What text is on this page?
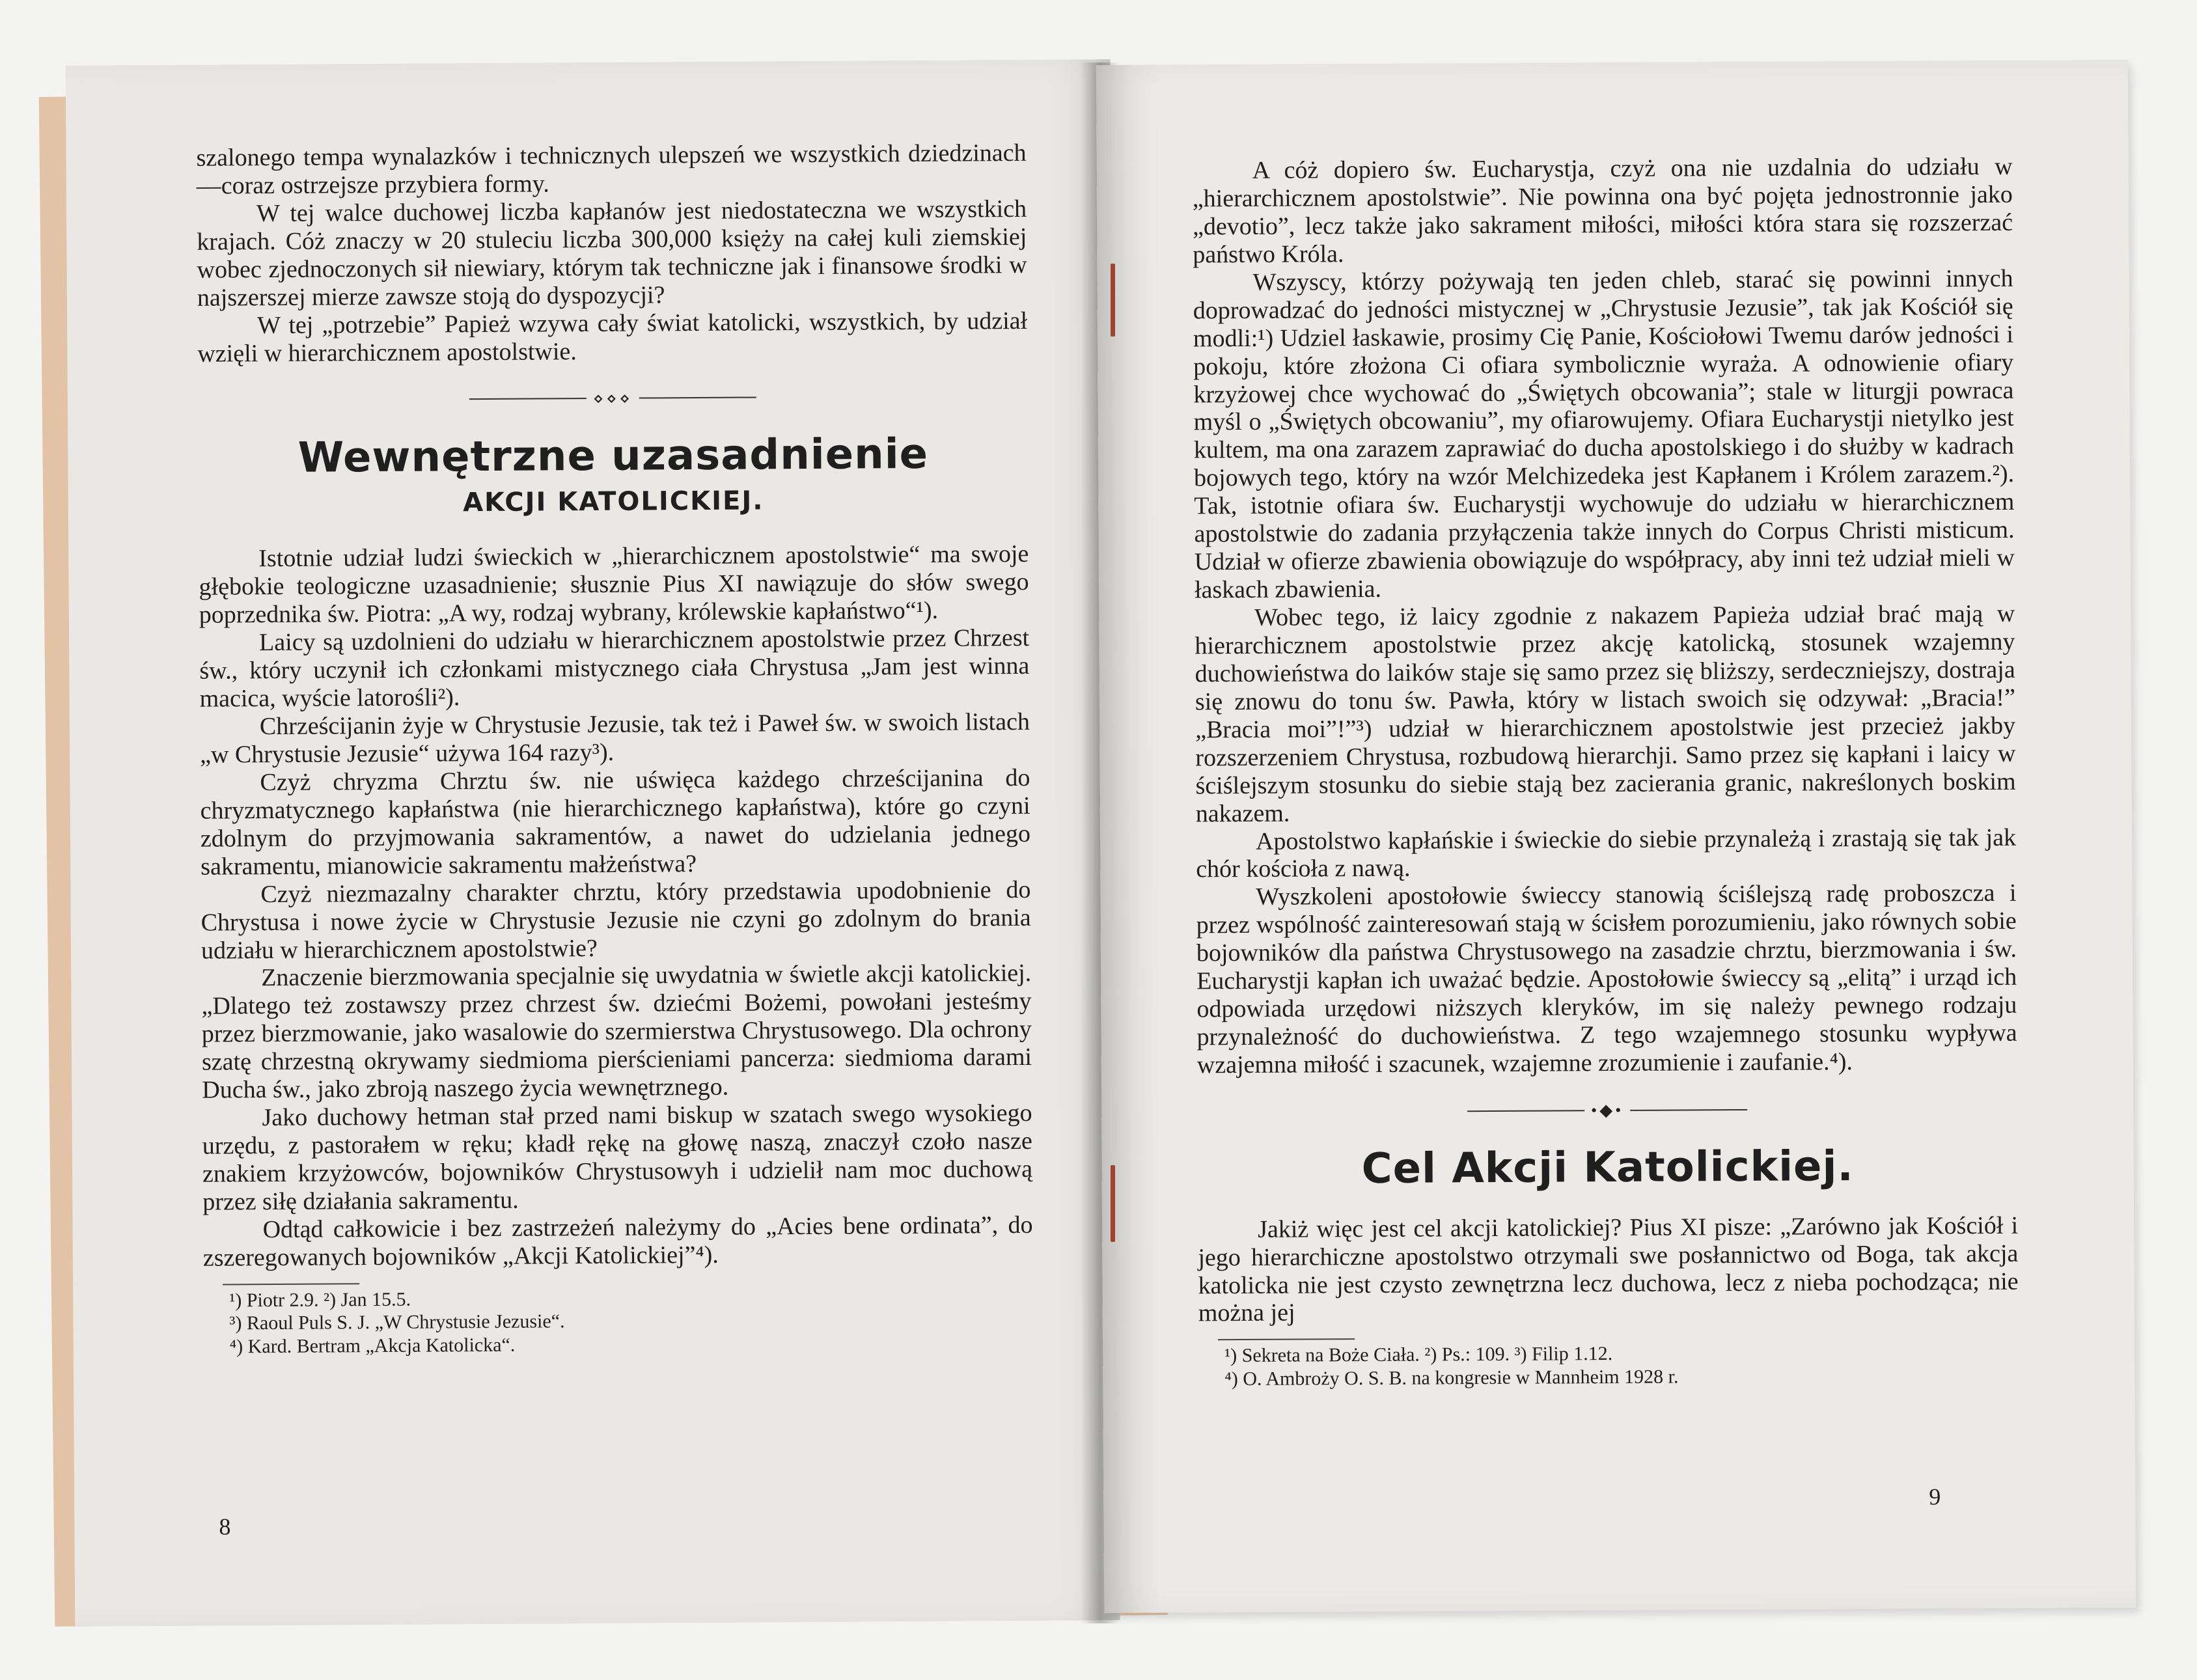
szalonego tempa wynalazków i technicznych ulepszeń we wszystkich dziedzinach—coraz ostrzejsze przybiera formy.

W tej walce duchowej liczba kapłanów jest niedostateczna we wszystkich krajach. Cóż znaczy w 20 stuleciu liczba 300,000 księży na całej kuli ziemskiej wobec zjednoczonych sił niewiary, którym tak techniczne jak i finansowe środki w najszerszej mierze zawsze stoją do dyspozycji?

W tej „potrzebie” Papież wzywa cały świat katolicki, wszystkich, by udział wzięli w hierarchicznem apostolstwie.

⋄⋄⋄
Wewnętrzne uzasadnienie
AKCJI KATOLICKIEJ.

Istotnie udział ludzi świeckich w „hierarchicznem apostolstwie“ ma swoje głębokie teologiczne uzasadnienie; słusznie Pius XI nawiązuje do słów swego poprzednika św. Piotra: „A wy, rodzaj wybrany, królewskie kapłaństwo“¹).

Laicy są uzdolnieni do udziału w hierarchicznem apostolstwie przez Chrzest św., który uczynił ich członkami mistycznego ciała Chrystusa „Jam jest winna macica, wyście latorośli²).

Chrześcijanin żyje w Chrystusie Jezusie, tak też i Paweł św. w swoich listach „w Chrystusie Jezusie“ używa 164 razy³).

Czyż chryzma Chrztu św. nie uświęca każdego chrześcijanina do chryzmatycznego kapłaństwa (nie hierarchicznego kapłaństwa), które go czyni zdolnym do przyjmowania sakramentów, a nawet do udzielania jednego sakramentu, mianowicie sakramentu małżeństwa?

Czyż niezmazalny charakter chrztu, który przedstawia upodobnienie do Chrystusa i nowe życie w Chrystusie Jezusie nie czyni go zdolnym do brania udziału w hierarchicznem apostolstwie?

Znaczenie bierzmowania specjalnie się uwydatnia w świetle akcji katolickiej. „Dlatego też zostawszy przez chrzest św. dziećmi Bożemi, powołani jesteśmy przez bierzmowanie, jako wasalowie do szermierstwa Chrystusowego. Dla ochrony szatę chrzestną okrywamy siedmioma pierścieniami pancerza: siedmioma darami Ducha św., jako zbroją naszego życia wewnętrznego.

Jako duchowy hetman stał przed nami biskup w szatach swego wysokiego urzędu, z pastorałem w ręku; kładł rękę na głowę naszą, znaczył czoło nasze znakiem krzyżowców, bojowników Chrystusowyh i udzielił nam moc duchową przez siłę działania sakramentu.

Odtąd całkowicie i bez zastrzeżeń należymy do „Acies bene ordinata”, do zszeregowanych bojowników „Akcji Katolickiej”⁴).

¹) Piotr 2.9. ²) Jan 15.5.
³) Raoul Puls S. J. „W Chrystusie Jezusie“.
⁴) Kard. Bertram „Akcja Katolicka“.
8

A cóż dopiero św. Eucharystja, czyż ona nie uzdalnia do udziału w „hierarchicznem apostolstwie”. Nie powinna ona być pojęta jednostronnie jako „devotio”, lecz także jako sakrament miłości, miłości która stara się rozszerzać państwo Króla.

Wszyscy, którzy pożywają ten jeden chleb, starać się powinni innych doprowadzać do jedności mistycznej w „Chrystusie Jezusie”, tak jak Kościół się modli:¹) Udziel łaskawie, prosimy Cię Panie, Kościołowi Twemu darów jedności i pokoju, które złożona Ci ofiara symbolicznie wyraża. A odnowienie ofiary krzyżowej chce wychować do „Świętych obcowania”; stale w liturgji powraca myśl o „Świętych obcowaniu”, my ofiarowujemy. Ofiara Eucharystji nietylko jest kultem, ma ona zarazem zaprawiać do ducha apostolskiego i do służby w kadrach bojowych tego, który na wzór Melchizedeka jest Kapłanem i Królem zarazem.²). Tak, istotnie ofiara św. Eucharystji wychowuje do udziału w hierarchicznem apostolstwie do zadania przyłączenia także innych do Corpus Christi misticum. Udział w ofierze zbawienia obowiązuje do współpracy, aby inni też udział mieli w łaskach zbawienia.

Wobec tego, iż laicy zgodnie z nakazem Papieża udział brać mają w hierarchicznem apostolstwie przez akcję katolicką, stosunek wzajemny duchowieństwa do laików staje się samo przez się bliższy, serdeczniejszy, dostraja się znowu do tonu św. Pawła, który w listach swoich się odzywał: „Bracia!” „Bracia moi”!”³) udział w hierarchicznem apostolstwie jest przecież jakby rozszerzeniem Chrystusa, rozbudową hierarchji. Samo przez się kapłani i laicy w ściślejszym stosunku do siebie stają bez zacierania granic, nakreślonych boskim nakazem.

Apostolstwo kapłańskie i świeckie do siebie przynależą i zrastają się tak jak chór kościoła z nawą.

Wyszkoleni apostołowie świeccy stanowią ściślejszą radę proboszcza i przez wspólność zainteresowań stają w ścisłem porozumieniu, jako równych sobie bojowników dla państwa Chrystusowego na zasadzie chrztu, bierzmowania i św. Eucharystji kapłan ich uważać będzie. Apostołowie świeccy są „elitą” i urząd ich odpowiada urzędowi niższych kleryków, im się należy pewnego rodzaju przynależność do duchowieństwa. Z tego wzajemnego stosunku wypływa wzajemna miłość i szacunek, wzajemne zrozumienie i zaufanie.⁴).

•◆•
Cel Akcji Katolickiej.

Jakiż więc jest cel akcji katolickiej? Pius XI pisze: „Zarówno jak Kościół i jego hierarchiczne apostolstwo otrzymali swe posłannictwo od Boga, tak akcja katolicka nie jest czysto zewnętrzna lecz duchowa, lecz z nieba pochodząca; nie można jej

¹) Sekreta na Boże Ciała. ²) Ps.: 109. ³) Filip 1.12.
⁴) O. Ambroży O. S. B. na kongresie w Mannheim 1928 r.
9
